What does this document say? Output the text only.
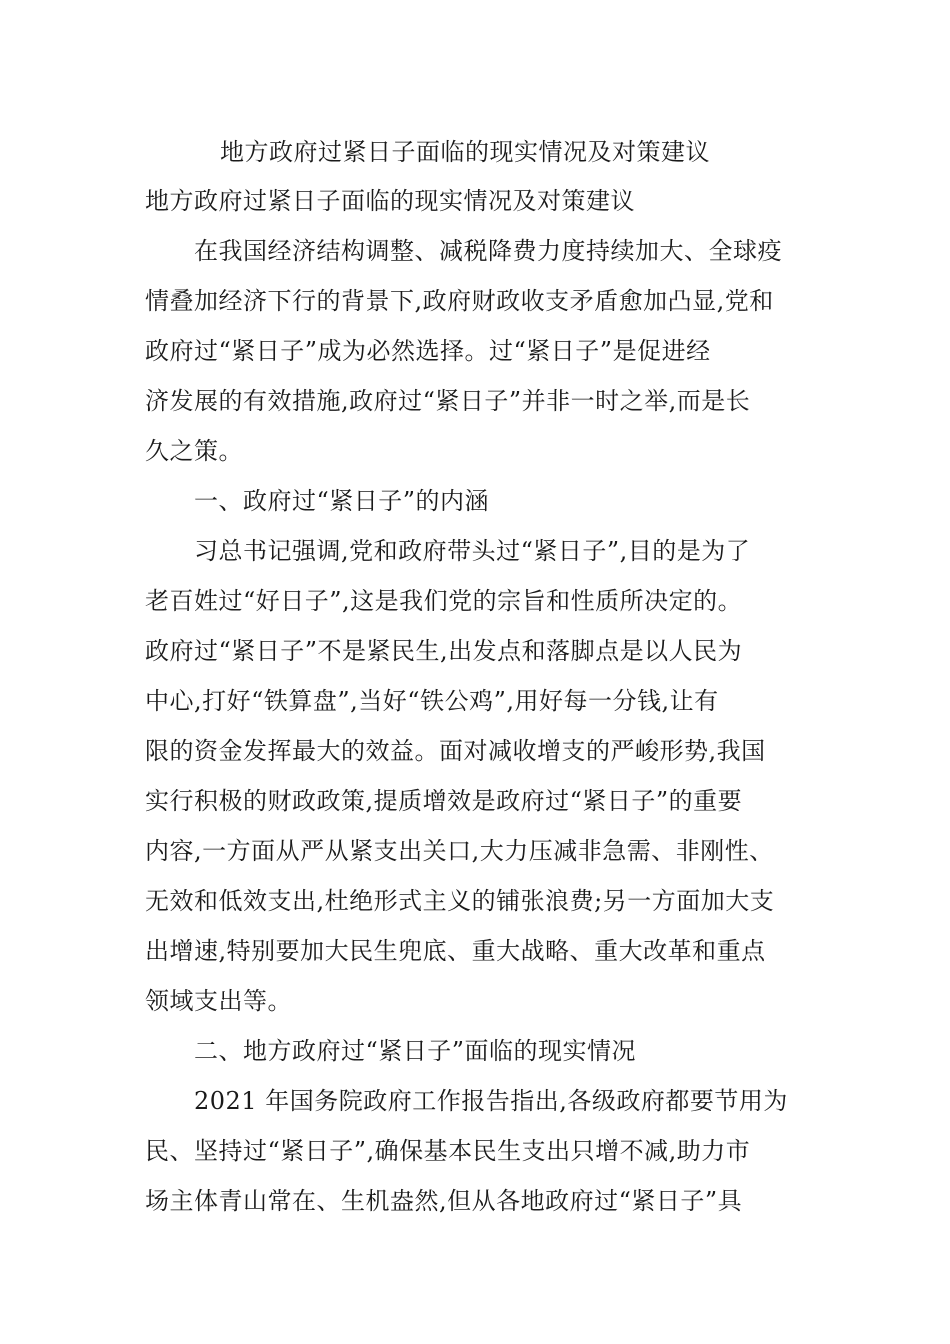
地方政府过紧日子面临的现实情况及对策建议
地方政府过紧日子面临的现实情况及对策建议
　　在我国经济结构调整、减税降费力度持续加大、全球疫
情叠加经济下行的背景下,政府财政收支矛盾愈加凸显,党和
政府过“紧日子”成为必然选择。过“紧日子”是促进经
济发展的有效措施,政府过“紧日子”并非一时之举,而是长
久之策。
　　一、政府过“紧日子”的内涵
　　习总书记强调,党和政府带头过“紧日子”,目的是为了
老百姓过“好日子”,这是我们党的宗旨和性质所决定的。
政府过“紧日子”不是紧民生,出发点和落脚点是以人民为
中心,打好“铁算盘”,当好“铁公鸡”,用好每一分钱,让有
限的资金发挥最大的效益。面对减收增支的严峻形势,我国
实行积极的财政政策,提质增效是政府过“紧日子”的重要
内容,一方面从严从紧支出关口,大力压减非急需、非刚性、
无效和低效支出,杜绝形式主义的铺张浪费;另一方面加大支
出增速,特别要加大民生兜底、重大战略、重大改革和重点
领域支出等。
　　二、地方政府过“紧日子”面临的现实情况
　　2021 年国务院政府工作报告指出,各级政府都要节用为
民、坚持过“紧日子”,确保基本民生支出只增不减,助力市
场主体青山常在、生机盎然,但从各地政府过“紧日子”具
